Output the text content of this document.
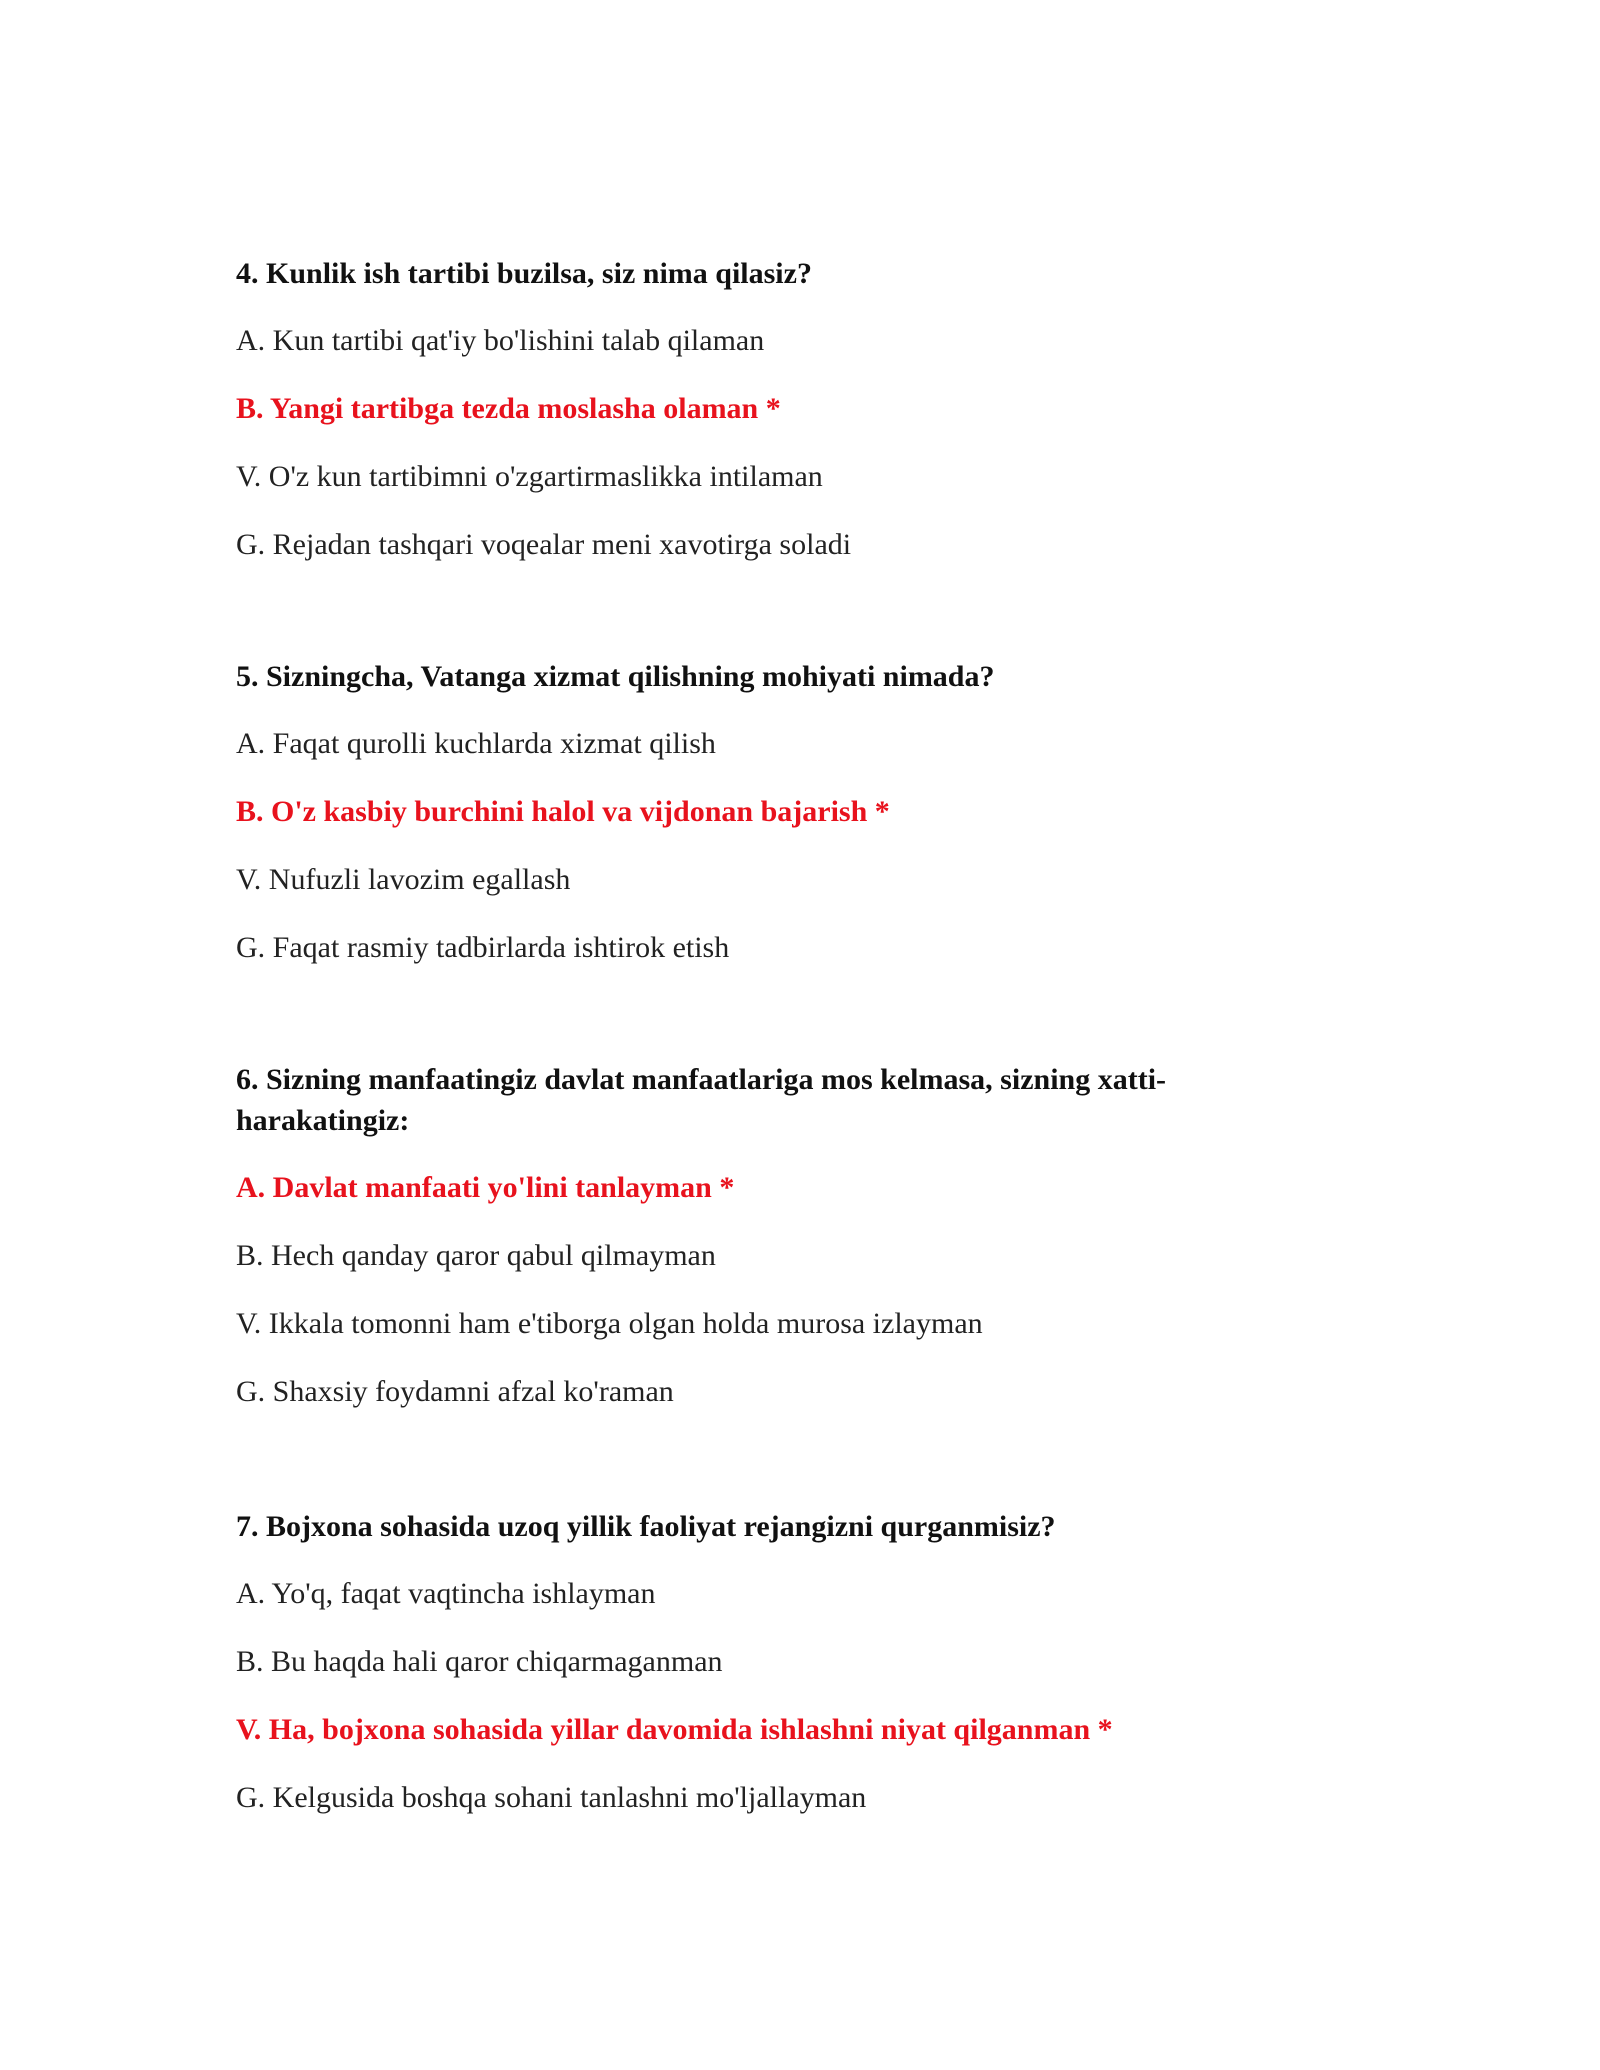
4. Kunlik ish tartibi buzilsa, siz nima qilasiz?
A. Kun tartibi qat'iy bo'lishini talab qilaman
B. Yangi tartibga tezda moslasha olaman *
V. O'z kun tartibimni o'zgartirmaslikka intilaman
G. Rejadan tashqari voqealar meni xavotirga soladi
5. Sizningcha, Vatanga xizmat qilishning mohiyati nimada?
A. Faqat qurolli kuchlarda xizmat qilish
B. O'z kasbiy burchini halol va vijdonan bajarish *
V. Nufuzli lavozim egallash
G. Faqat rasmiy tadbirlarda ishtirok etish
6. Sizning manfaatingiz davlat manfaatlariga mos kelmasa, sizning xatti-
harakatingiz:
A. Davlat manfaati yo'lini tanlayman *
B. Hech qanday qaror qabul qilmayman
V. Ikkala tomonni ham e'tiborga olgan holda murosa izlayman
G. Shaxsiy foydamni afzal ko'raman
7. Bojxona sohasida uzoq yillik faoliyat rejangizni qurganmisiz?
A. Yo'q, faqat vaqtincha ishlayman
B. Bu haqda hali qaror chiqarmaganman
V. Ha, bojxona sohasida yillar davomida ishlashni niyat qilganman *
G. Kelgusida boshqa sohani tanlashni mo'ljallayman
